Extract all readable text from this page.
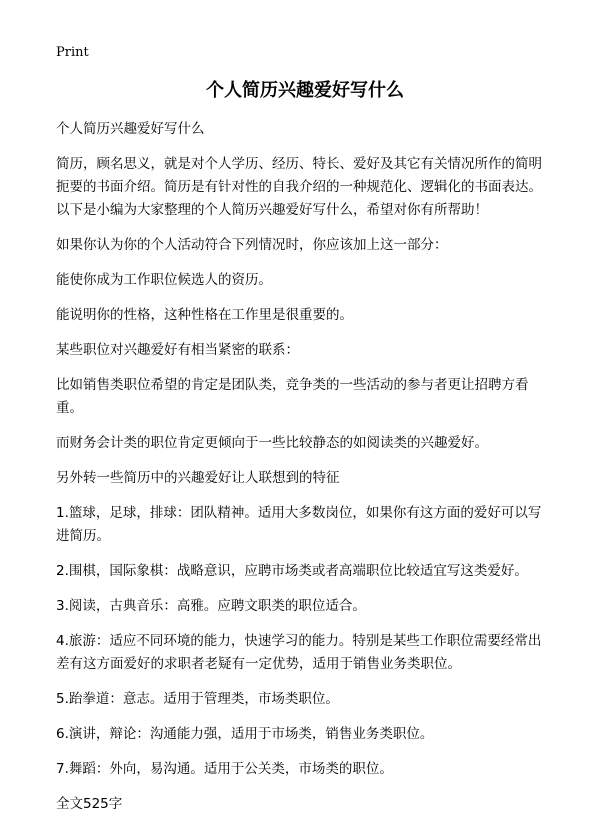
Print
个人简历兴趣爱好写什么

个人简历兴趣爱好写什么

简历，顾名思义，就是对个人学历、经历、特长、爱好及其它有关情况所作的简明扼要的书面介绍。简历是有针对性的自我介绍的一种规范化、逻辑化的书面表达。以下是小编为大家整理的个人简历兴趣爱好写什么，希望对你有所帮助！

如果你认为你的个人活动符合下列情况时，你应该加上这一部分：

能使你成为工作职位候选人的资历。

能说明你的性格，这种性格在工作里是很重要的。

某些职位对兴趣爱好有相当紧密的联系：

比如销售类职位希望的肯定是团队类，竞争类的一些活动的参与者更让招聘方看重。

而财务会计类的职位肯定更倾向于一些比较静态的如阅读类的兴趣爱好。

另外转一些简历中的兴趣爱好让人联想到的特征

1.篮球，足球，排球：团队精神。适用大多数岗位，如果你有这方面的爱好可以写进简历。

2.围棋，国际象棋：战略意识，应聘市场类或者高端职位比较适宜写这类爱好。

3.阅读，古典音乐：高雅。应聘文职类的职位适合。

4.旅游：适应不同环境的能力，快速学习的能力。特别是某些工作职位需要经常出差有这方面爱好的求职者老疑有一定优势，适用于销售业务类职位。

5.跆拳道：意志。适用于管理类，市场类职位。

6.演讲，辩论：沟通能力强，适用于市场类，销售业务类职位。

7.舞蹈：外向，易沟通。适用于公关类，市场类的职位。

全文525字
